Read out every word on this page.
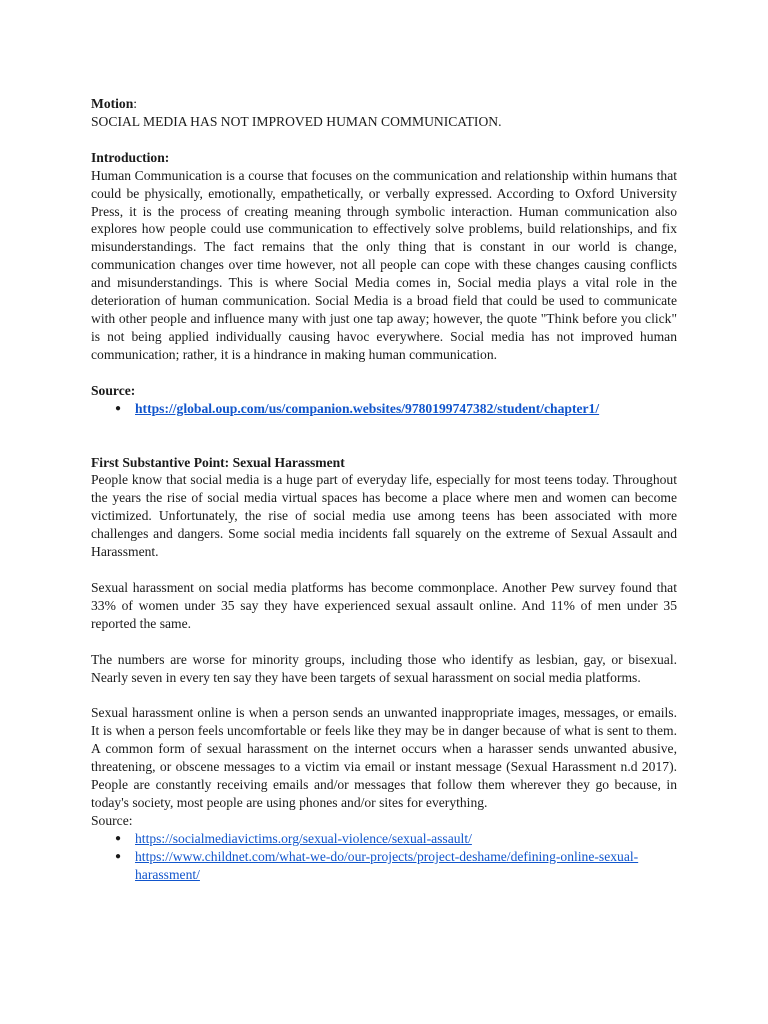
Motion:

SOCIAL MEDIA HAS NOT IMPROVED HUMAN COMMUNICATION.

Introduction:

Human Communication is a course that focuses on the communication and relationship within humans that could be physically, emotionally, empathetically, or verbally expressed. According to Oxford University Press, it is the process of creating meaning through symbolic interaction. Human communication also explores how people could use communication to effectively solve problems, build relationships, and fix misunderstandings. The fact remains that the only thing that is constant in our world is change, communication changes over time however, not all people can cope with these changes causing conflicts and misunderstandings. This is where Social Media comes in, Social media plays a vital role in the deterioration of human communication. Social Media is a broad field that could be used to communicate with other people and influence many with just one tap away; however, the quote "Think before you click" is not being applied individually causing havoc everywhere. Social media has not improved human communication; rather, it is a hindrance in making human communication.

Source:

● https://global.oup.com/us/companion.websites/9780199747382/student/chapter1/

First Substantive Point: Sexual Harassment

People know that social media is a huge part of everyday life, especially for most teens today. Throughout the years the rise of social media virtual spaces has become a place where men and women can become victimized. Unfortunately, the rise of social media use among teens has been associated with more challenges and dangers. Some social media incidents fall squarely on the extreme of Sexual Assault and Harassment.

Sexual harassment on social media platforms has become commonplace. Another Pew survey found that 33% of women under 35 say they have experienced sexual assault online. And 11% of men under 35 reported the same.

The numbers are worse for minority groups, including those who identify as lesbian, gay, or bisexual. Nearly seven in every ten say they have been targets of sexual harassment on social media platforms.

Sexual harassment online is when a person sends an unwanted inappropriate images, messages, or emails. It is when a person feels uncomfortable or feels like they may be in danger because of what is sent to them. A common form of sexual harassment on the internet occurs when a harasser sends unwanted abusive, threatening, or obscene messages to a victim via email or instant message (Sexual Harassment n.d 2017). People are constantly receiving emails and/or messages that follow them wherever they go because, in today's society, most people are using phones and/or sites for everything.

Source:

● https://socialmediavictims.org/sexual-violence/sexual-assault/
● https://www.childnet.com/what-we-do/our-projects/project-deshame/defining-online-sexual-harassment/
